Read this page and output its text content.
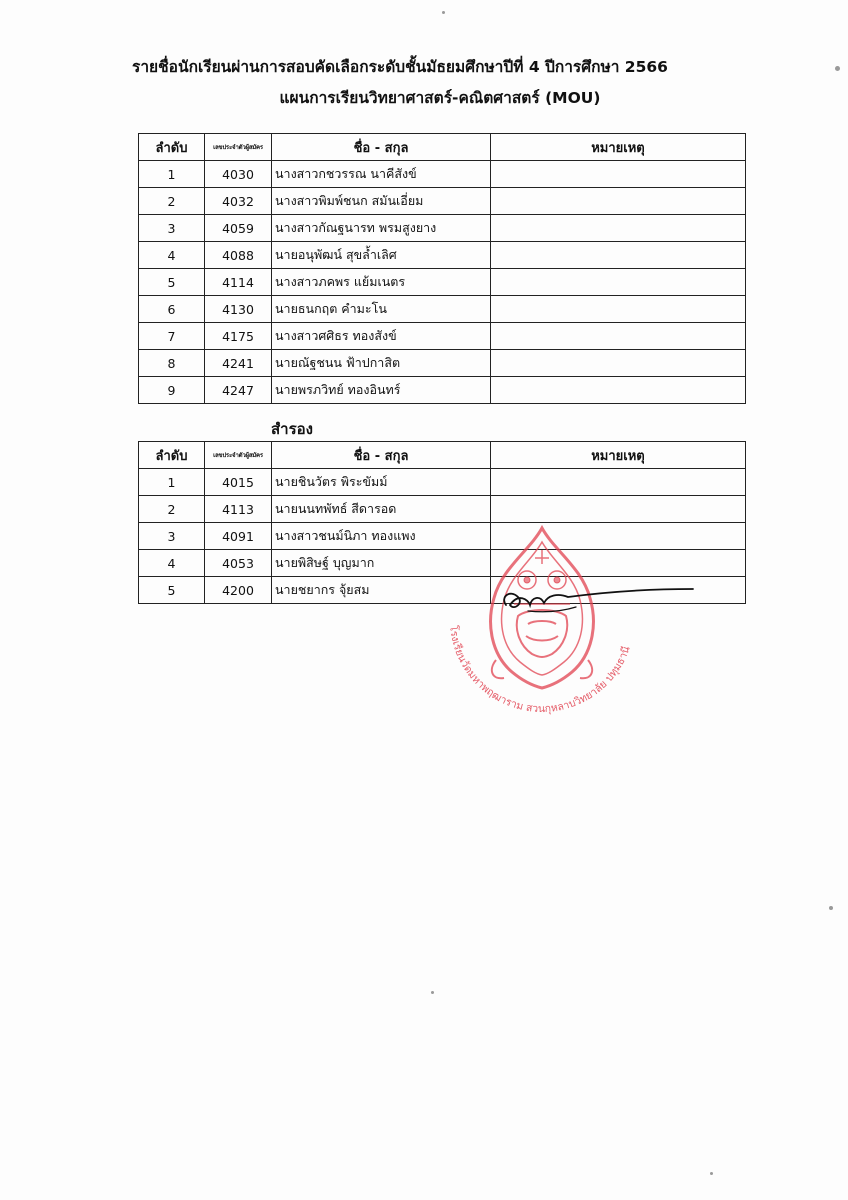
รายชื่อนักเรียนผ่านการสอบคัดเลือกระดับชั้นมัธยมศึกษาปีที่ 4 ปีการศึกษา 2566
แผนการเรียนวิทยาศาสตร์-คณิตศาสตร์ (MOU)
ลำดับ	เลขประจำตัวผู้สมัคร	ชื่อ - สกุล	หมายเหตุ
1	4030	นางสาวกชวรรณ นาคีสังข์	
2	4032	นางสาวพิมพ์ชนก สมันเอี่ยม	
3	4059	นางสาวกัณฐนารท พรมสูงยาง	
4	4088	นายอนุพัฒน์ สุขล้ำเลิศ	
5	4114	นางสาวภคพร แย้มเนตร	
6	4130	นายธนกฤต คำมะโน	
7	4175	นางสาวศศิธร ทองสังข์	
8	4241	นายณัฐชนน ฟ้าปกาสิต	
9	4247	นายพรภวิทย์ ทองอินทร์	
สำรอง
ลำดับ	เลขประจำตัวผู้สมัคร	ชื่อ - สกุล	หมายเหตุ
1	4015	นายชินวัตร พิระขัมม์	
2	4113	นายนนทพัทธ์ สีดารอด	
3	4091	นางสาวชนม์นิภา ทองแพง	
4	4053	นายพิสิษฐ์ บุญมาก	
5	4200	นายชยากร จุ้ยสม	
โรงเรียนวัดมหาพฤฒาราม สวนกุหลาบวิทยาลัย ปทุมธานี
